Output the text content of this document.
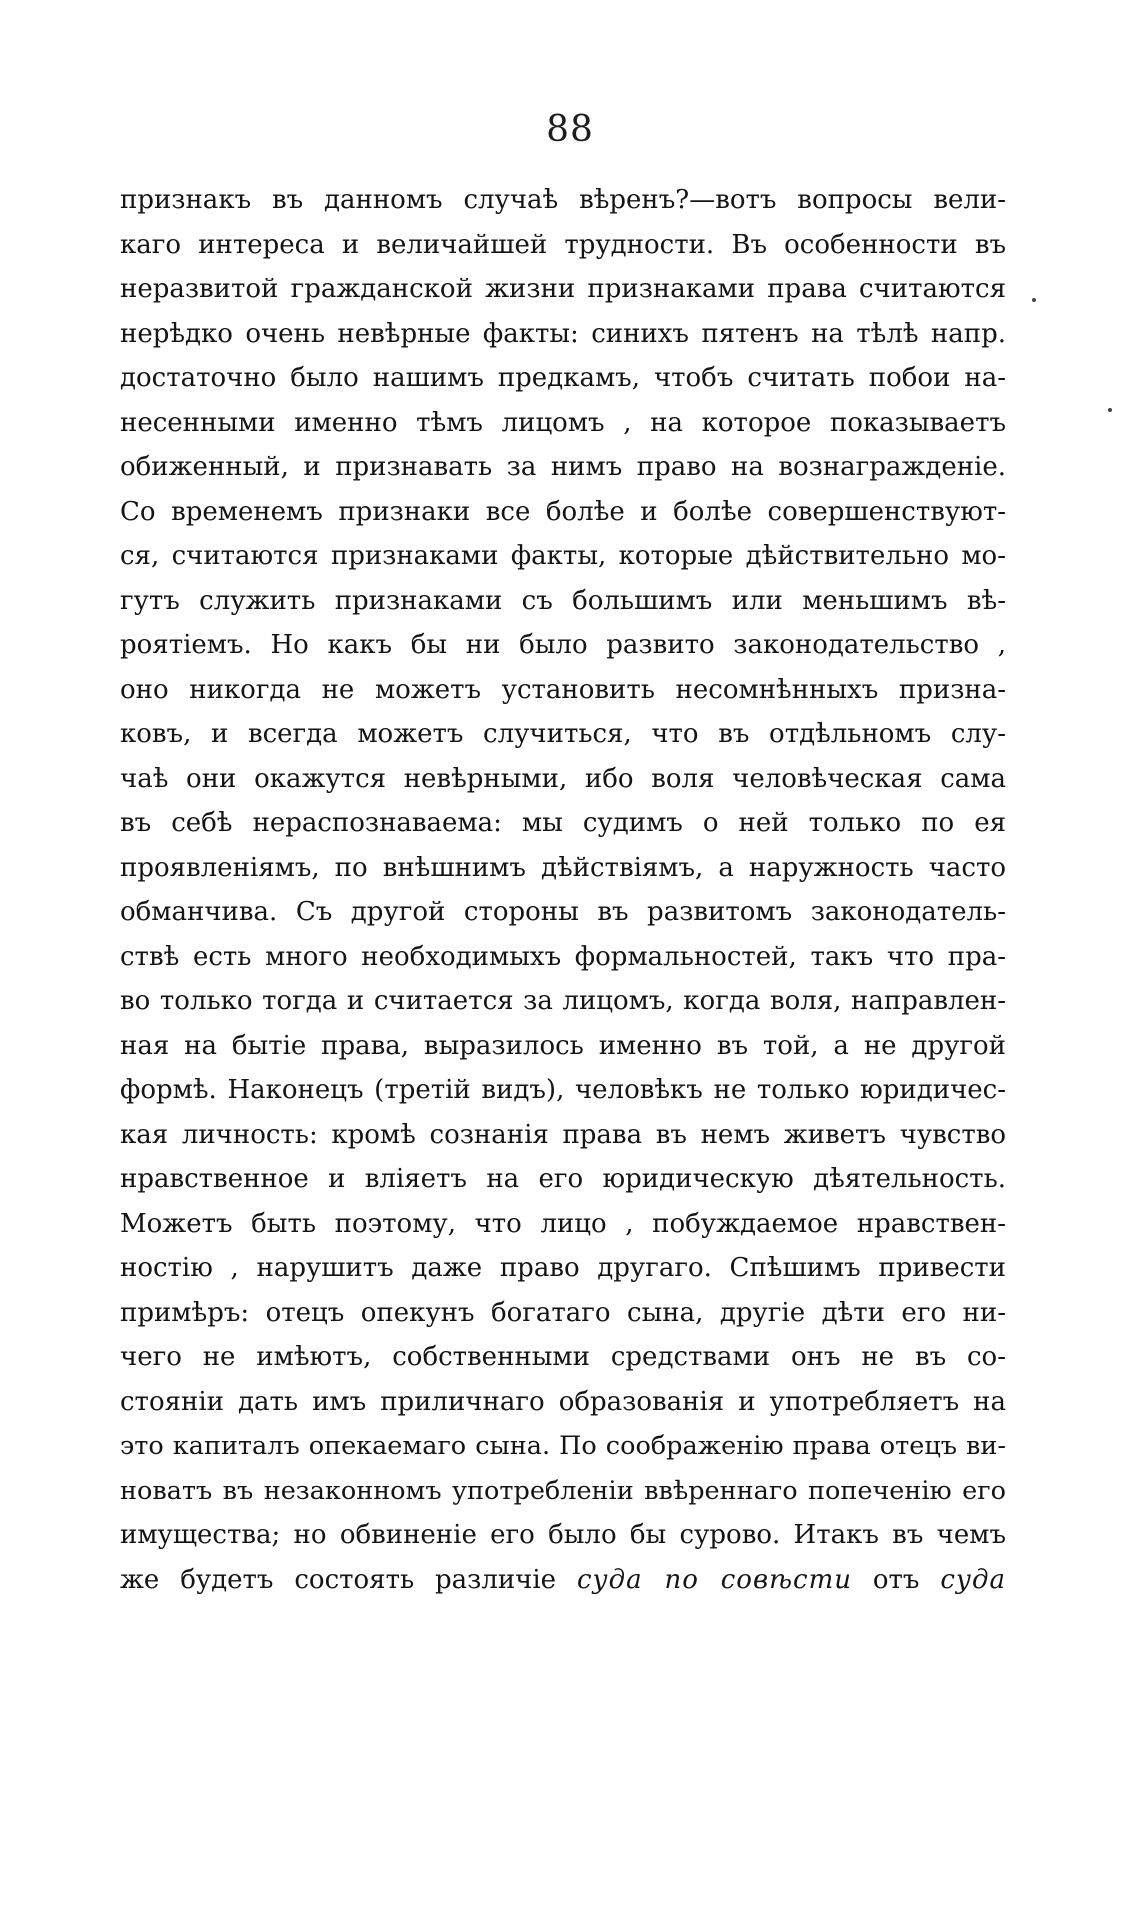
88
признакъ въ данномъ случаѣ вѣренъ?—вотъ вопросы вели-
каго интереса и величайшей трудности. Въ особенности въ
неразвитой гражданской жизни признаками права считаются
нерѣдко очень невѣрные факты: синихъ пятенъ на тѣлѣ напр.
достаточно было нашимъ предкамъ, чтобъ считать побои на-
несенными именно тѣмъ лицомъ , на которое показываетъ
обиженный, и признавать за нимъ право на вознагражденіе.
Со временемъ признаки все болѣе и болѣе совершенствуют-
ся, считаются признаками факты, которые дѣйствительно мо-
гутъ служить признаками съ большимъ или меньшимъ вѣ-
роятіемъ. Но какъ бы ни было развито законодательство ,
оно никогда не можетъ установить несомнѣнныхъ призна-
ковъ, и всегда можетъ случиться, что въ отдѣльномъ слу-
чаѣ они окажутся невѣрными, ибо воля человѣческая сама
въ себѣ нераспознаваема: мы судимъ о ней только по ея
проявленіямъ, по внѣшнимъ дѣйствіямъ, а наружность часто
обманчива. Съ другой стороны въ развитомъ законодатель-
ствѣ есть много необходимыхъ формальностей, такъ что пра-
во только тогда и считается за лицомъ, когда воля, направлен-
ная на бытіе права, выразилось именно въ той, а не другой
формѣ. Наконецъ (третій видъ), человѣкъ не только юридичес-
кая личность: кромѣ сознанія права въ немъ живетъ чувство
нравственное и вліяетъ на его юридическую дѣятельность.
Можетъ быть поэтому, что лицо , побуждаемое нравствен-
ностію , нарушитъ даже право другаго. Спѣшимъ привести
примѣръ: отецъ опекунъ богатаго сына, другіе дѣти его ни-
чего не имѣютъ, собственными средствами онъ не въ со-
стояніи дать имъ приличнаго образованія и употребляетъ на
это капиталъ опекаемаго сына. По соображенію права отецъ ви-
новатъ въ незаконномъ употребленіи ввѣреннаго попеченію его
имущества; но обвиненіе его было бы сурово. Итакъ въ чемъ
же будетъ состоять различіе суда по совѣсти отъ суда
